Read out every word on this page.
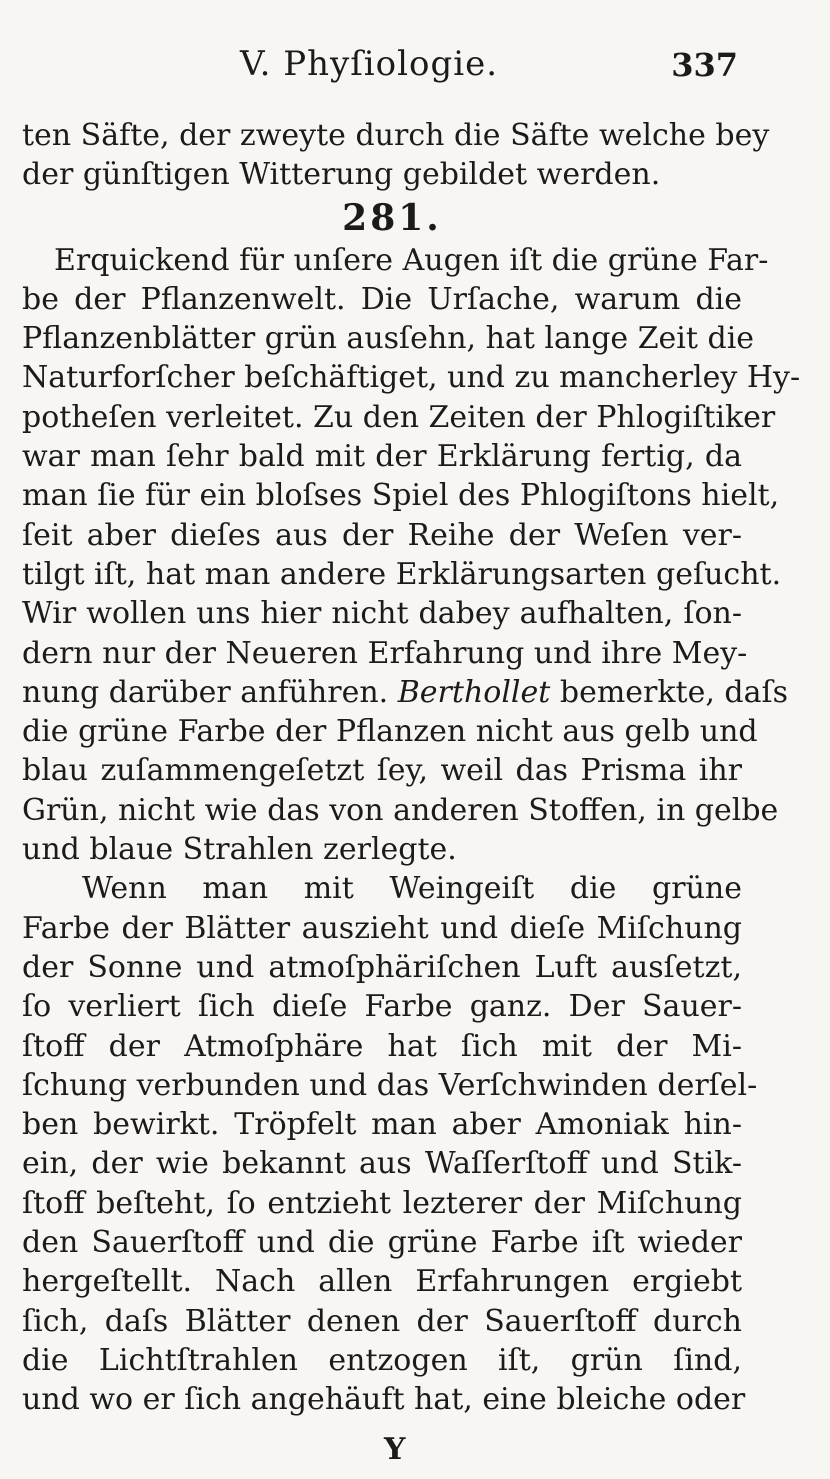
V. Phyſiologie.	337
ten Säfte, der zweyte durch die Säfte welche bey
der günſtigen Witterung gebildet werden.
281.
Erquickend für unſere Augen iſt die grüne Far-
be der Pflanzenwelt. Die Urſache, warum die
Pflanzenblätter grün ausſehn, hat lange Zeit die
Naturforſcher beſchäftiget, und zu mancherley Hy-
potheſen verleitet. Zu den Zeiten der Phlogiſtiker
war man ſehr bald mit der Erklärung fertig, da
man ſie für ein bloſses Spiel des Phlogiſtons hielt,
ſeit aber dieſes aus der Reihe der Weſen ver-
tilgt iſt, hat man andere Erklärungsarten geſucht.
Wir wollen uns hier nicht dabey aufhalten, ſon-
dern nur der Neueren Erfahrung und ihre Mey-
nung darüber anführen. Berthollet bemerkte, daſs
die grüne Farbe der Pflanzen nicht aus gelb und
blau zuſammengeſetzt ſey, weil das Prisma ihr
Grün, nicht wie das von anderen Stoffen, in gelbe
und blaue Strahlen zerlegte.
Wenn man mit Weingeiſt die grüne
Farbe der Blätter auszieht und dieſe Miſchung
der Sonne und atmoſphäriſchen Luft ausſetzt,
ſo verliert ſich dieſe Farbe ganz. Der Sauer-
ſtoff der Atmoſphäre hat ſich mit der Mi-
ſchung verbunden und das Verſchwinden derſel-
ben bewirkt. Tröpfelt man aber Amoniak hin-
ein, der wie bekannt aus Waſſerſtoff und Stik-
ſtoff beſteht, ſo entzieht lezterer der Miſchung
den Sauerſtoff und die grüne Farbe iſt wieder
hergeſtellt. Nach allen Erfahrungen ergiebt
ſich, daſs Blätter denen der Sauerſtoff durch
die Lichtſtrahlen entzogen iſt, grün ſind,
und wo er ſich angehäuft hat, eine bleiche oder
Y
